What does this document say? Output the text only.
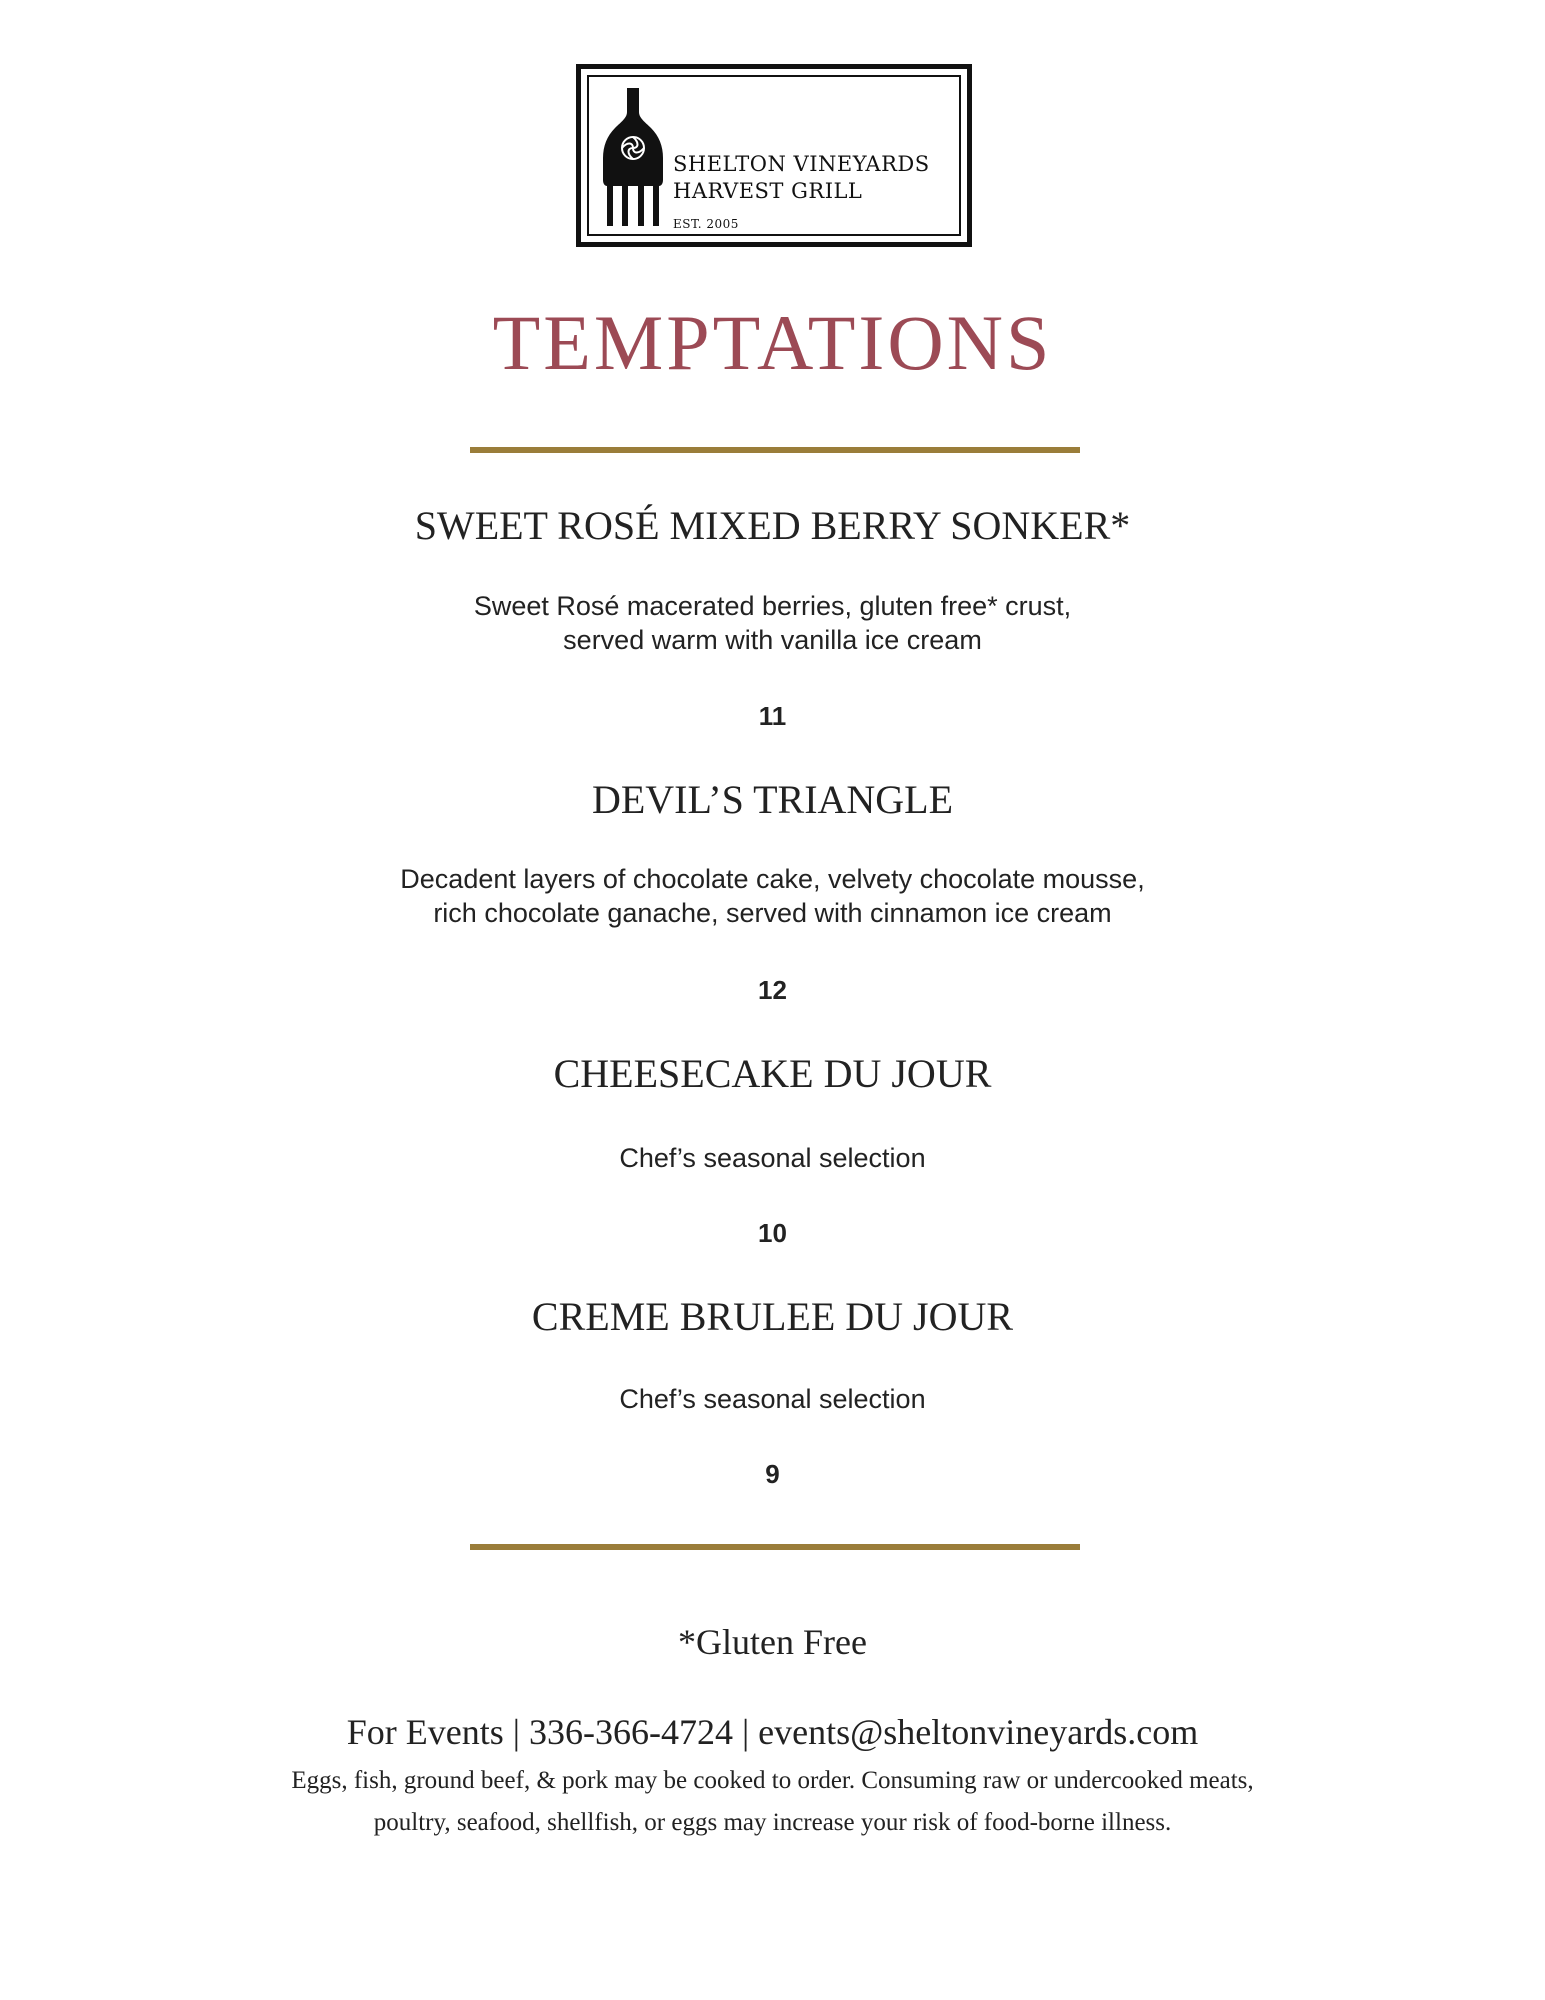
SHELTON VINEYARDS
HARVEST GRILL
EST. 2005
TEMPTATIONS
SWEET ROSÉ MIXED BERRY SONKER*
Sweet Rosé macerated berries, gluten free* crust,
served warm with vanilla ice cream
11
DEVIL’S TRIANGLE
Decadent layers of chocolate cake, velvety chocolate mousse,
rich chocolate ganache, served with cinnamon ice cream
12
CHEESECAKE DU JOUR
Chef’s seasonal selection
10
CREME BRULEE DU JOUR
Chef’s seasonal selection
9
*Gluten Free
For Events | 336-366-4724 | events@sheltonvineyards.com
Eggs, fish, ground beef, & pork may be cooked to order. Consuming raw or undercooked meats,
poultry, seafood, shellfish, or eggs may increase your risk of food-borne illness.
